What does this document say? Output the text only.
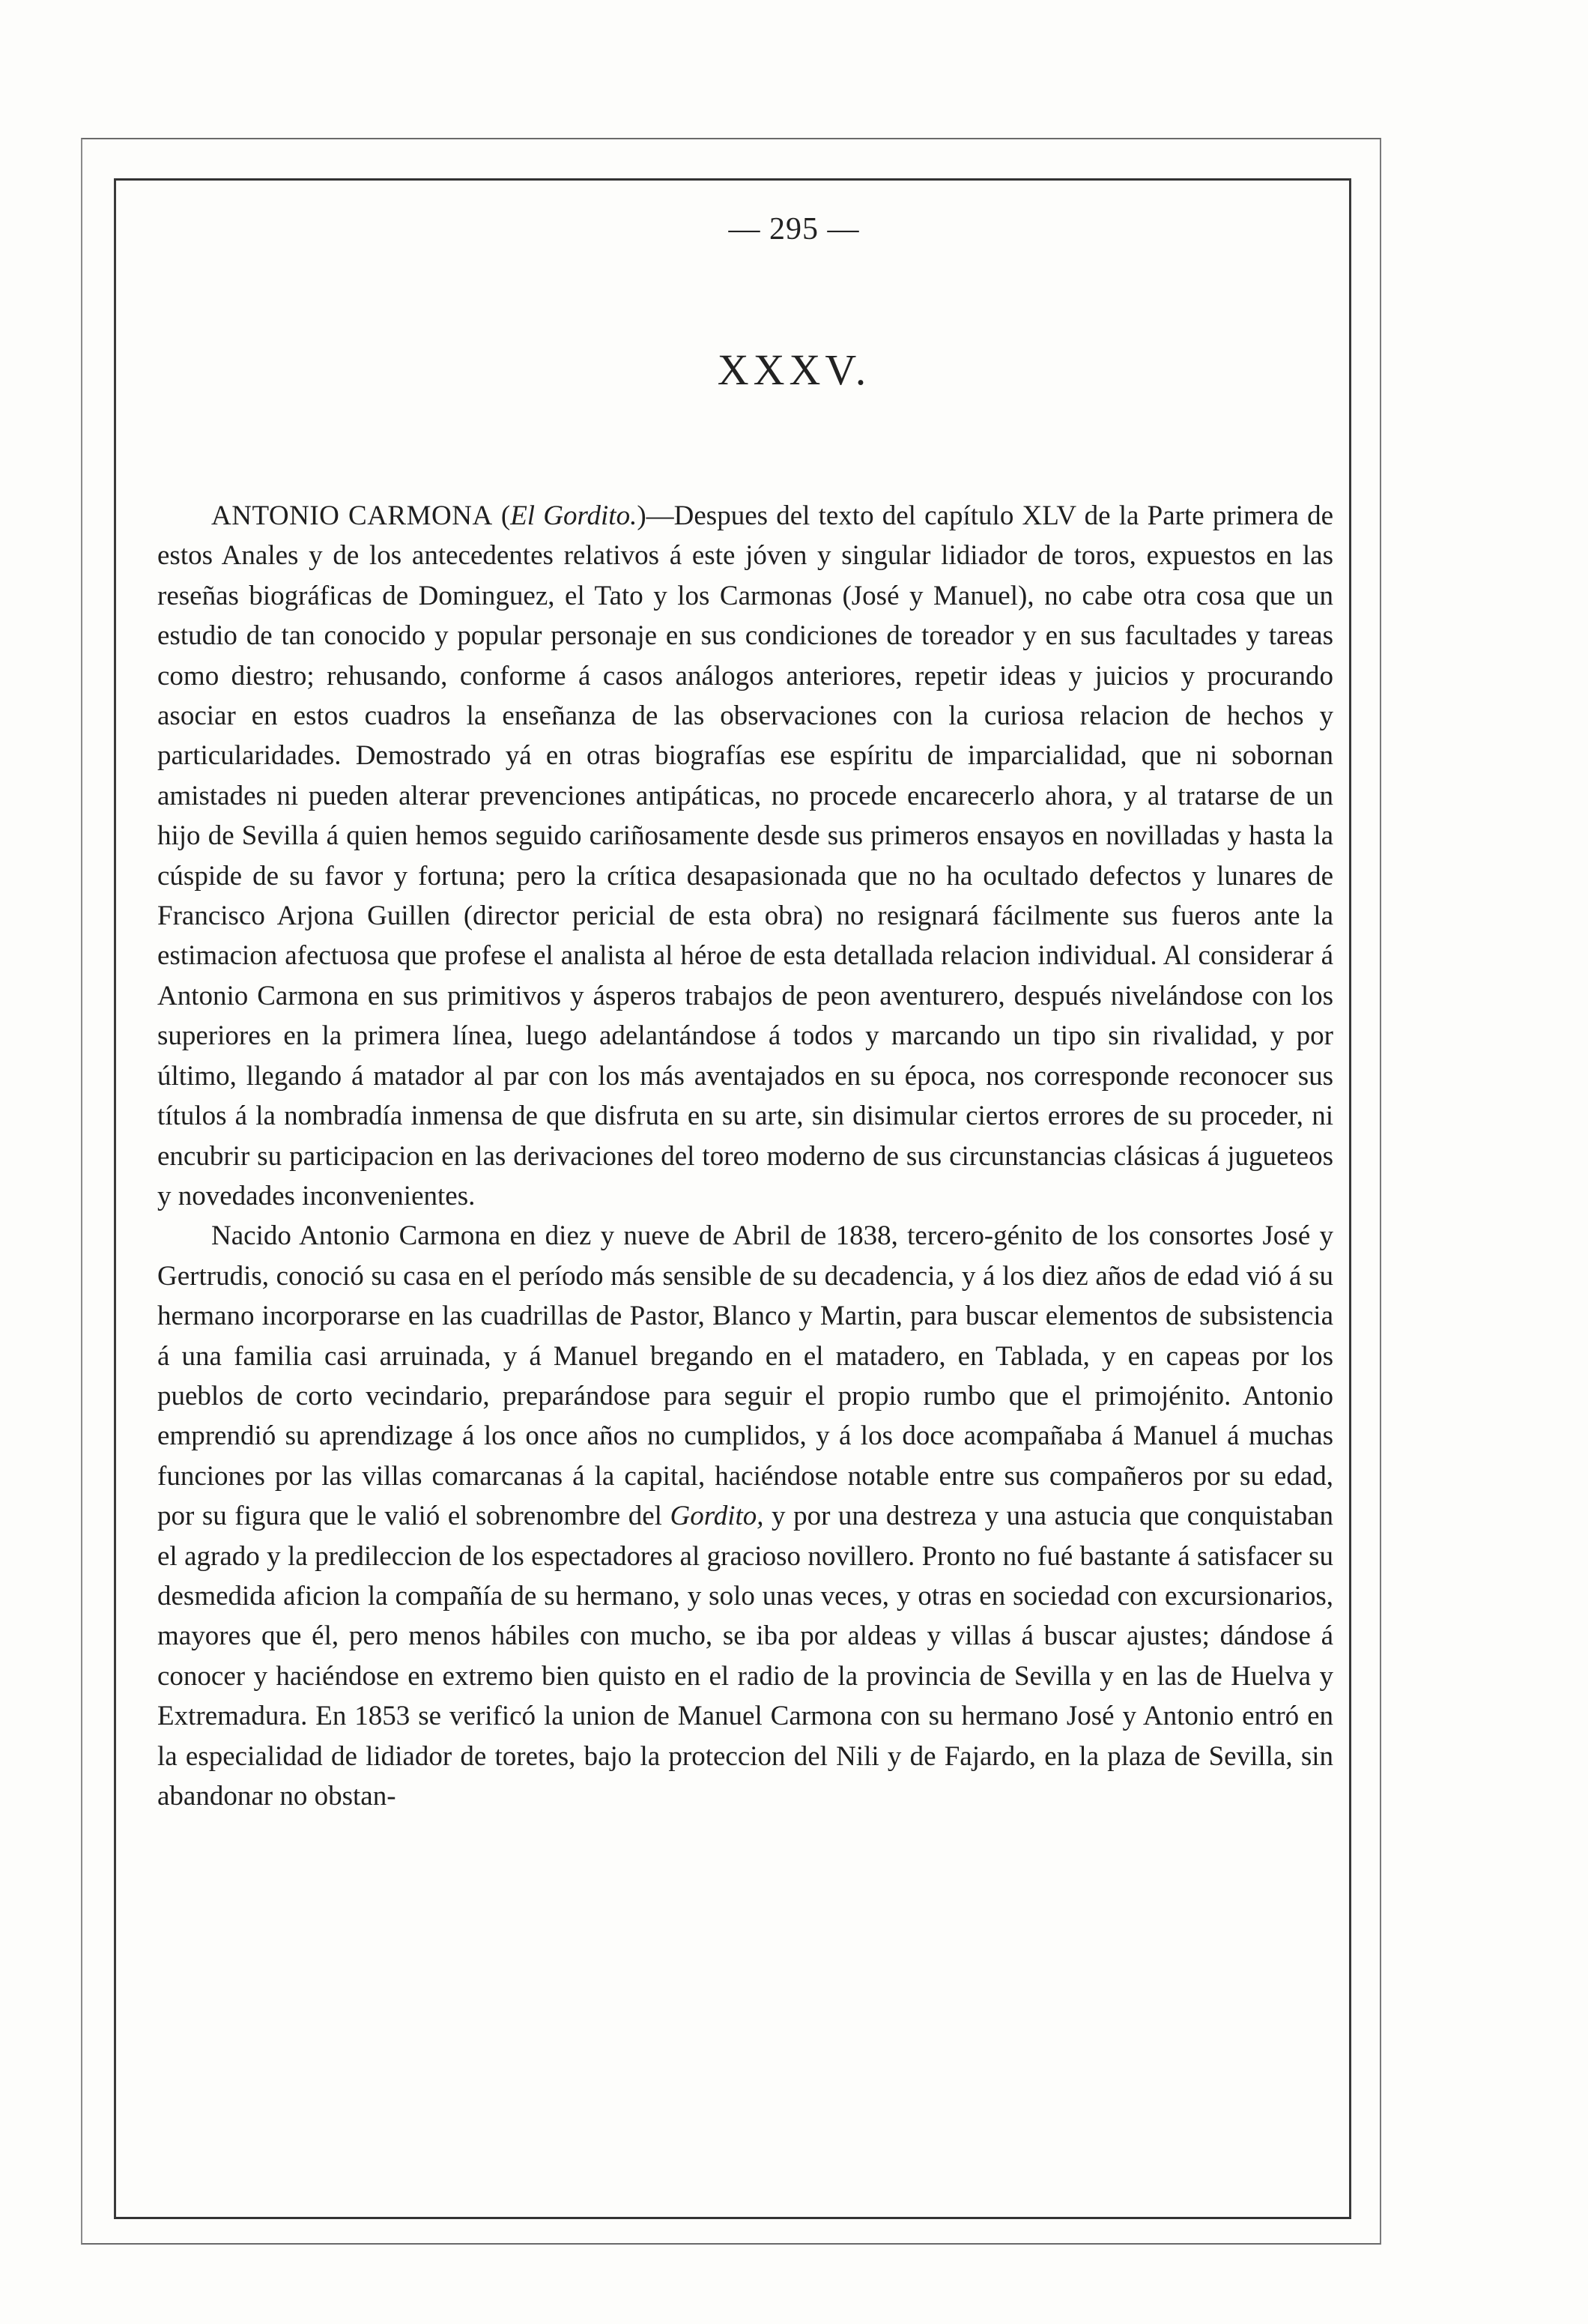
— 295 —
XXXV.

ANTONIO CARMONA (El Gordito.)—Despues del texto del capítulo XLV de la Parte primera de estos Anales y de los antecedentes relativos á este jóven y singular lidiador de toros, expuestos en las reseñas biográficas de Dominguez, el Tato y los Carmonas (José y Manuel), no cabe otra cosa que un estudio de tan conocido y popular personaje en sus condiciones de toreador y en sus facultades y tareas como diestro; rehusando, conforme á casos análogos anteriores, repetir ideas y juicios y procurando asociar en estos cuadros la enseñanza de las observaciones con la curiosa relacion de hechos y particularidades. Demostrado yá en otras biografías ese espíritu de imparcialidad, que ni sobornan amistades ni pueden alterar prevenciones antipáticas, no procede encarecerlo ahora, y al tratarse de un hijo de Sevilla á quien hemos seguido cariñosamente desde sus primeros ensayos en novilladas y hasta la cúspide de su favor y fortuna; pero la crítica desapasionada que no ha ocultado defectos y lunares de Francisco Arjona Guillen (director pericial de esta obra) no resignará fácilmente sus fueros ante la estimacion afectuosa que profese el analista al héroe de esta detallada relacion individual. Al considerar á Antonio Carmona en sus primitivos y ásperos trabajos de peon aventurero, después nivelándose con los superiores en la primera línea, luego adelantándose á todos y marcando un tipo sin rivalidad, y por último, llegando á matador al par con los más aventajados en su época, nos corresponde reconocer sus títulos á la nombradía inmensa de que disfruta en su arte, sin disimular ciertos errores de su proceder, ni encubrir su participacion en las derivaciones del toreo moderno de sus circunstancias clásicas á jugueteos y novedades inconvenientes.

Nacido Antonio Carmona en diez y nueve de Abril de 1838, tercero-génito de los consortes José y Gertrudis, conoció su casa en el período más sensible de su decadencia, y á los diez años de edad vió á su hermano incorporarse en las cuadrillas de Pastor, Blanco y Martin, para buscar elementos de subsistencia á una familia casi arruinada, y á Manuel bregando en el matadero, en Tablada, y en capeas por los pueblos de corto vecindario, preparándose para seguir el propio rumbo que el primojénito. Antonio emprendió su aprendizage á los once años no cumplidos, y á los doce acompañaba á Manuel á muchas funciones por las villas comarcanas á la capital, haciéndose notable entre sus compañeros por su edad, por su figura que le valió el sobrenombre del Gordito, y por una destreza y una astucia que conquistaban el agrado y la predileccion de los espectadores al gracioso novillero. Pronto no fué bastante á satisfacer su desmedida aficion la compañía de su hermano, y solo unas veces, y otras en sociedad con excursionarios, mayores que él, pero menos hábiles con mucho, se iba por aldeas y villas á buscar ajustes; dándose á conocer y haciéndose en extremo bien quisto en el radio de la provincia de Sevilla y en las de Huelva y Extremadura. En 1853 se verificó la union de Manuel Carmona con su hermano José y Antonio entró en la especialidad de lidiador de toretes, bajo la proteccion del Nili y de Fajardo, en la plaza de Sevilla, sin abandonar no obstan-
